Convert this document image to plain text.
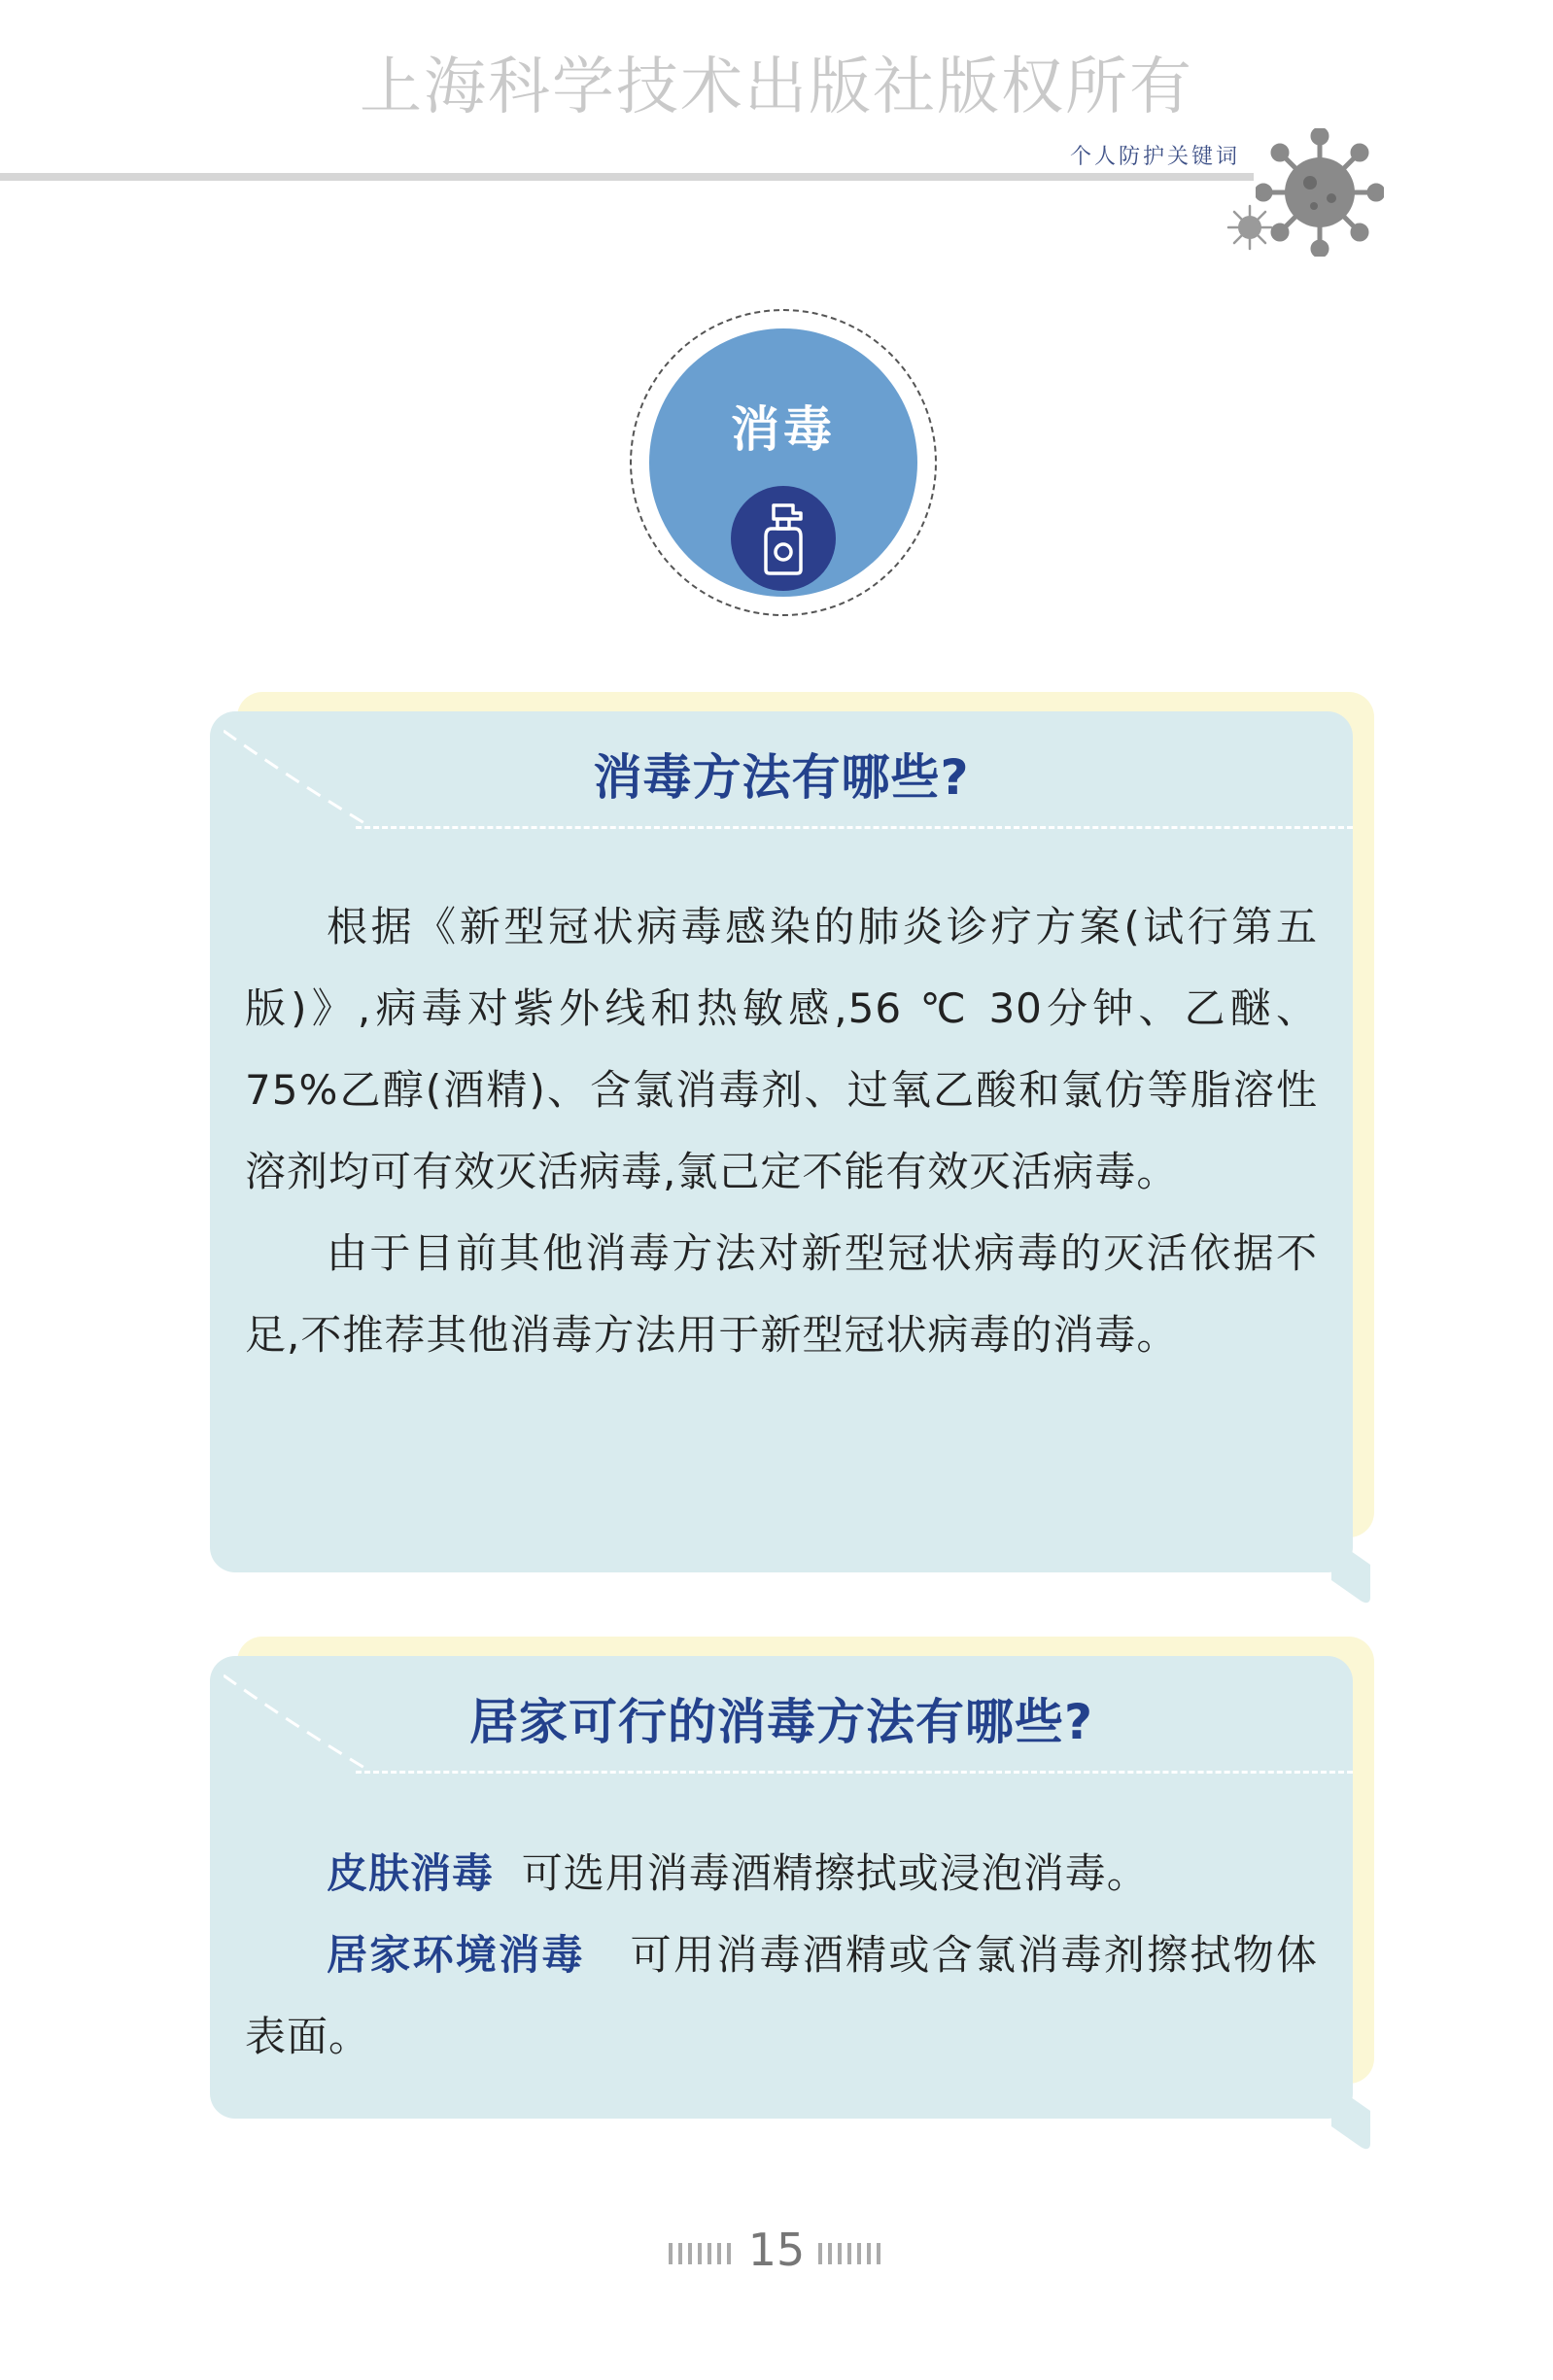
上海科学技术出版社版权所有
个人防护关键词
消毒
消毒方法有哪些?

根据《新型冠状病毒感染的肺炎诊疗方案(试行第五版)》,病毒对紫外线和热敏感,56 ℃ 30分钟、乙醚、75%乙醇(酒精)、含氯消毒剂、过氧乙酸和氯仿等脂溶性溶剂均可有效灭活病毒,氯己定不能有效灭活病毒。

由于目前其他消毒方法对新型冠状病毒的灭活依据不足,不推荐其他消毒方法用于新型冠状病毒的消毒。

居家可行的消毒方法有哪些?

皮肤消毒 可选用消毒酒精擦拭或浸泡消毒。

居家环境消毒 可用消毒酒精或含氯消毒剂擦拭物体表面。

15
